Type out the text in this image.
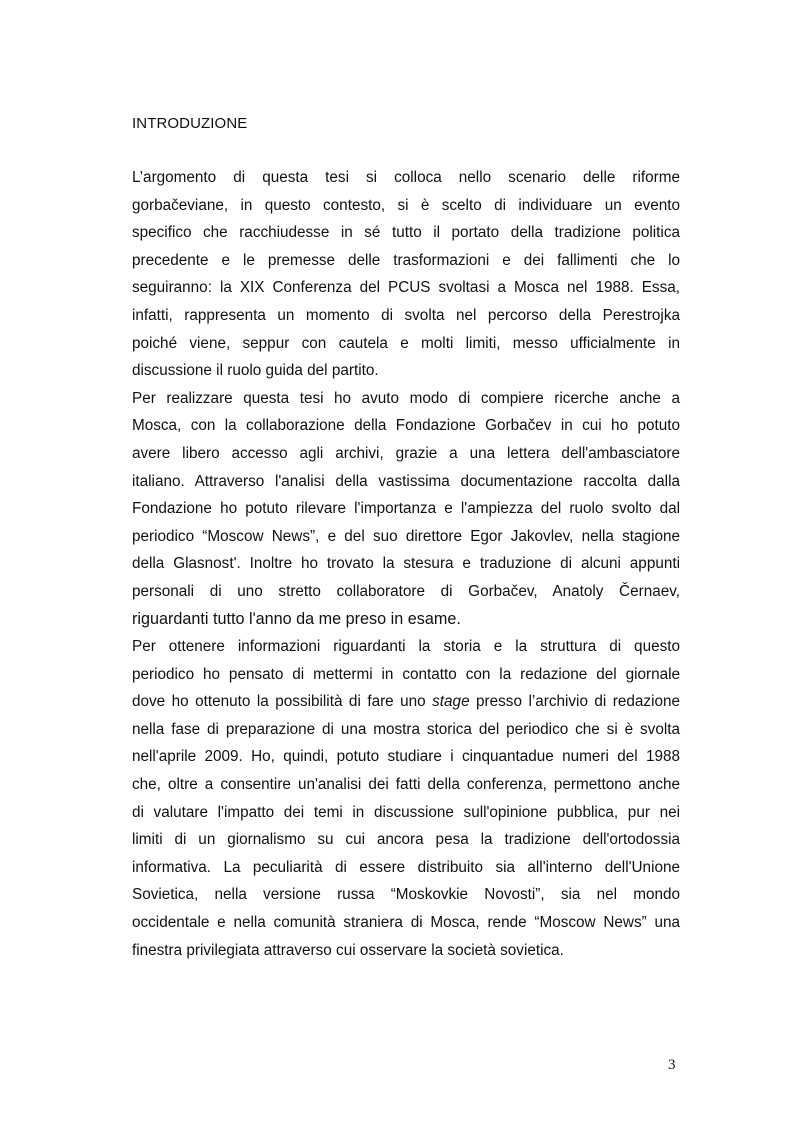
INTRODUZIONE
L’argomento di questa tesi si colloca nello scenario delle riforme
gorbačeviane, in questo contesto, si è scelto di individuare un evento
specifico che racchiudesse in sé tutto il portato della tradizione politica
precedente e le premesse delle trasformazioni e dei fallimenti che lo
seguiranno: la XIX Conferenza del PCUS svoltasi a Mosca nel 1988. Essa,
infatti, rappresenta un momento di svolta nel percorso della Perestrojka
poiché viene, seppur con cautela e molti limiti, messo ufficialmente in
discussione il ruolo guida del partito.
Per realizzare questa tesi ho avuto modo di compiere ricerche anche a
Mosca, con la collaborazione della Fondazione Gorbačev in cui ho potuto
avere libero accesso agli archivi, grazie a una lettera dell'ambasciatore
italiano. Attraverso l'analisi della vastissima documentazione raccolta dalla
Fondazione ho potuto rilevare l'importanza e l'ampiezza del ruolo svolto dal
periodico “Moscow News”, e del suo direttore Egor Jakovlev, nella stagione
della Glasnost'. Inoltre ho trovato la stesura e traduzione di alcuni appunti
personali di uno stretto collaboratore di Gorbačev, Anatoly Černaev,
riguardanti tutto l'anno da me preso in esame.
Per ottenere informazioni riguardanti la storia e la struttura di questo
periodico ho pensato di mettermi in contatto con la redazione del giornale
dove ho ottenuto la possibilità di fare uno stage presso l’archivio di redazione
nella fase di preparazione di una mostra storica del periodico che si è svolta
nell'aprile 2009. Ho, quindi, potuto studiare i cinquantadue numeri del 1988
che, oltre a consentire un'analisi dei fatti della conferenza, permettono anche
di valutare l'impatto dei temi in discussione sull'opinione pubblica, pur nei
limiti di un giornalismo su cui ancora pesa la tradizione dell'ortodossia
informativa. La peculiarità di essere distribuito sia all'interno dell'Unione
Sovietica, nella versione russa “Moskovkie Novosti”, sia nel mondo
occidentale e nella comunità straniera di Mosca, rende “Moscow News” una
finestra privilegiata attraverso cui osservare la società sovietica.
3
